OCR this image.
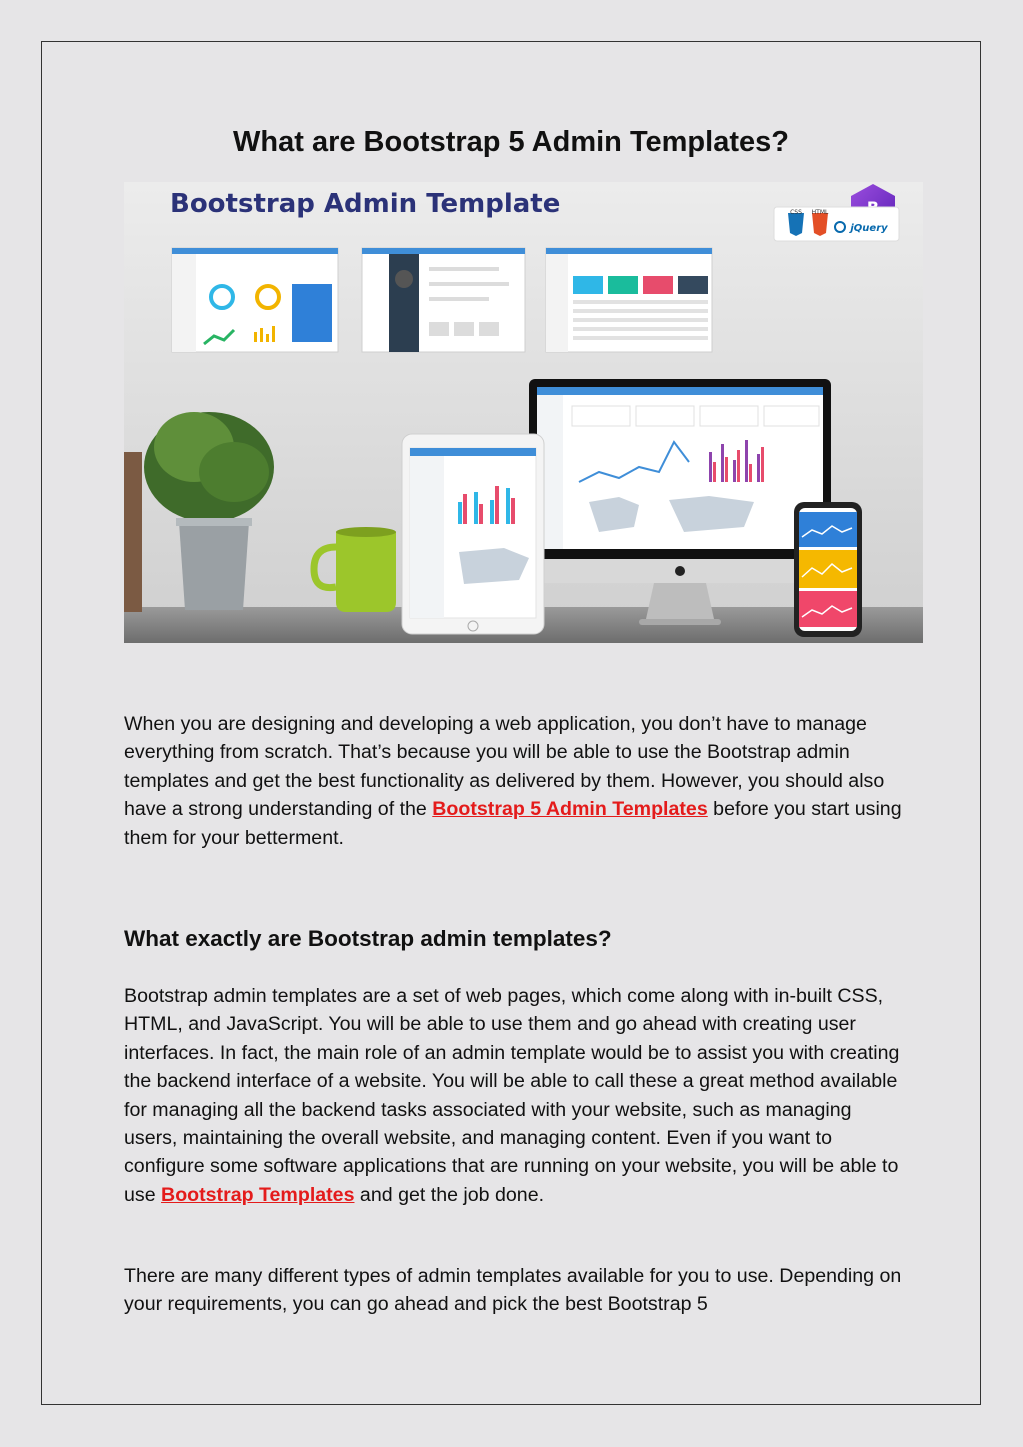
What are Bootstrap 5 Admin Templates?
Bootstrap Admin Template	CSS HTML
jQuery

When you are designing and developing a web application, you don’t have to manage everything from scratch. That’s because you will be able to use the Bootstrap admin templates and get the best functionality as delivered by them. However, you should also have a strong understanding of the Bootstrap 5 Admin Templates before you start using them for your betterment.

What exactly are Bootstrap admin templates?

Bootstrap admin templates are a set of web pages, which come along with in-built CSS, HTML, and JavaScript. You will be able to use them and go ahead with creating user interfaces. In fact, the main role of an admin template would be to assist you with creating the backend interface of a website. You will be able to call these a great method available for managing all the backend tasks associated with your website, such as managing users, maintaining the overall website, and managing content. Even if you want to configure some software applications that are running on your website, you will be able to use Bootstrap Templates and get the job done.

There are many different types of admin templates available for you to use. Depending on your requirements, you can go ahead and pick the best Bootstrap 5
